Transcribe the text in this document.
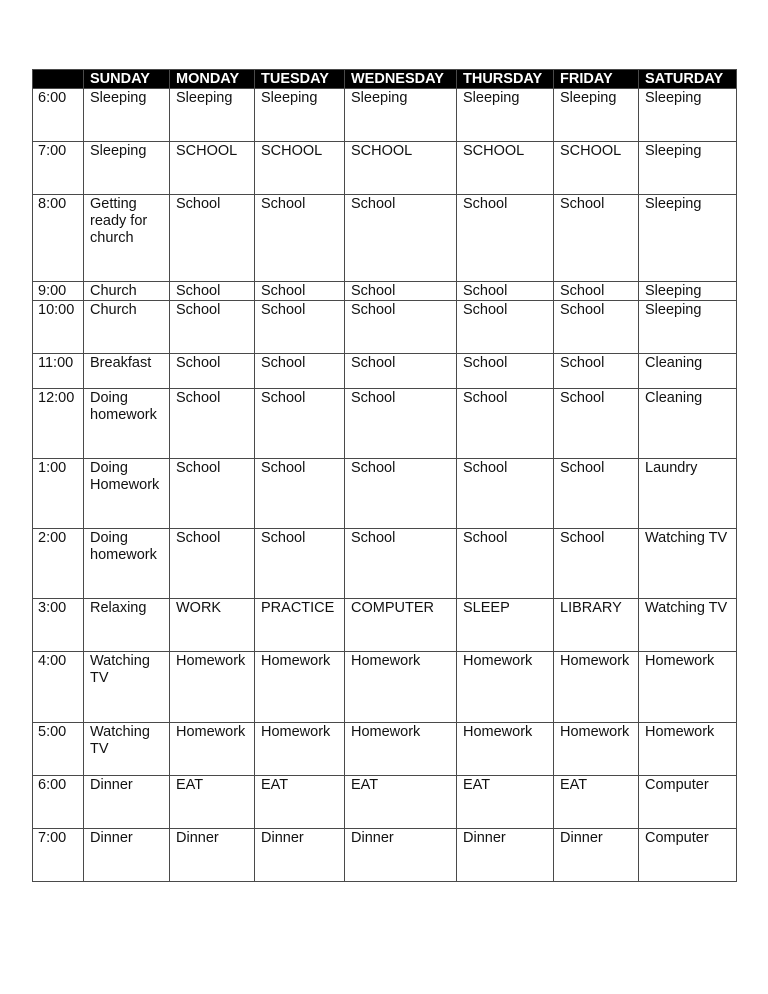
	SUNDAY	MONDAY	TUESDAY	WEDNESDAY	THURSDAY	FRIDAY	SATURDAY
6:00	Sleeping	Sleeping	Sleeping	Sleeping	Sleeping	Sleeping	Sleeping
7:00	Sleeping	SCHOOL	SCHOOL	SCHOOL	SCHOOL	SCHOOL	Sleeping
8:00	Getting ready for church	School	School	School	School	School	Sleeping
9:00	Church	School	School	School	School	School	Sleeping
10:00	Church	School	School	School	School	School	Sleeping
11:00	Breakfast	School	School	School	School	School	Cleaning
12:00	Doing homework	School	School	School	School	School	Cleaning
1:00	Doing Homework	School	School	School	School	School	Laundry
2:00	Doing homework	School	School	School	School	School	Watching TV
3:00	Relaxing	WORK	PRACTICE	COMPUTER	SLEEP	LIBRARY	Watching TV
4:00	Watching TV	Homework	Homework	Homework	Homework	Homework	Homework
5:00	Watching TV	Homework	Homework	Homework	Homework	Homework	Homework
6:00	Dinner	EAT	EAT	EAT	EAT	EAT	Computer
7:00	Dinner	Dinner	Dinner	Dinner	Dinner	Dinner	Computer
